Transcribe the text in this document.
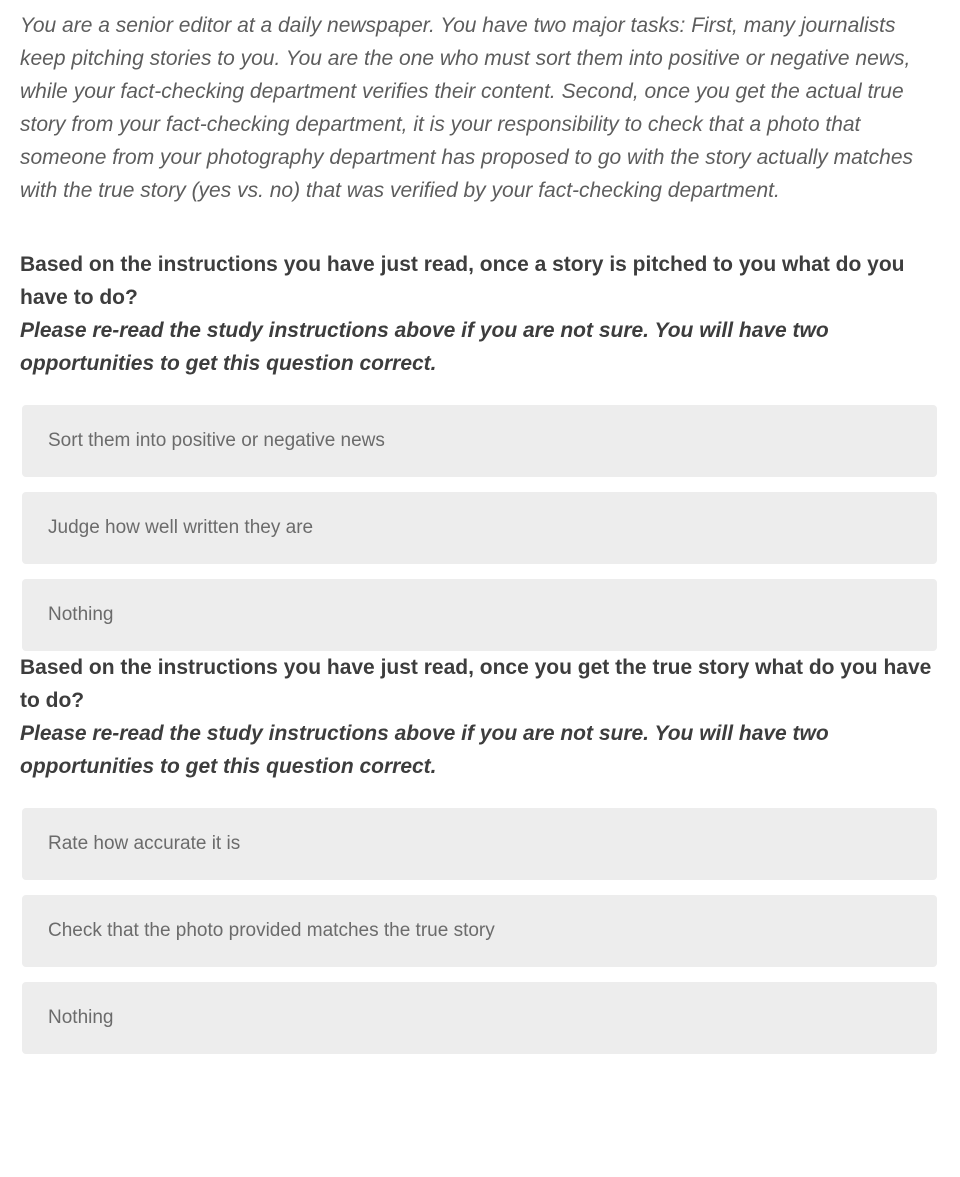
You are a senior editor at a daily newspaper. You have two major tasks: First, many journalists keep pitching stories to you. You are the one who must sort them into positive or negative news, while your fact-checking department verifies their content. Second, once you get the actual true story from your fact-checking department, it is your responsibility to check that a photo that someone from your photography department has proposed to go with the story actually matches with the true story (yes vs. no) that was verified by your fact-checking department.

Based on the instructions you have just read, once a story is pitched to you what do you have to do?
Please re-read the study instructions above if you are not sure. You will have two opportunities to get this question correct.
Sort them into positive or negative news
Judge how well written they are
Nothing
Based on the instructions you have just read, once you get the true story what do you have to do?
Please re-read the study instructions above if you are not sure. You will have two opportunities to get this question correct.
Rate how accurate it is
Check that the photo provided matches the true story
Nothing
